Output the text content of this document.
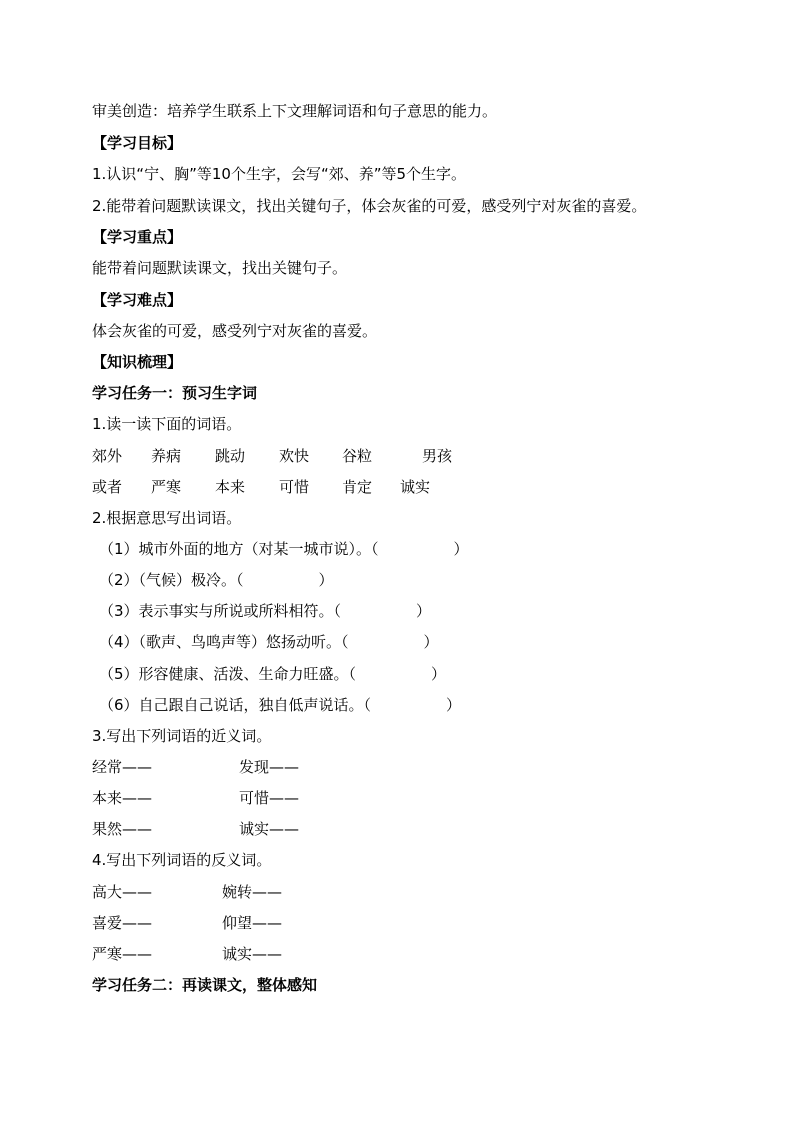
审美创造：培养学生联系上下文理解词语和句子意思的能力。
【学习目标】
1.认识“宁、胸”等10个生字，会写“郊、养”等5个生字。
2.能带着问题默读课文，找出关键句子，体会灰雀的可爱，感受列宁对灰雀的喜爱。
【学习重点】
能带着问题默读课文，找出关键句子。
【学习难点】
体会灰雀的可爱，感受列宁对灰雀的喜爱。
【知识梳理】
学习任务一：预习生字词
1.读一读下面的词语。
郊外 养病 跳动 欢快 谷粒	男孩
或者 严寒 本来 可惜 肯定 诚实
2.根据意思写出词语。
（1）城市外面的地方（对某一城市说）。（　　　　　）
（2）（气候）极冷。（　　　　　）
（3）表示事实与所说或所料相符。（　　　　　）
（4）（歌声、鸟鸣声等）悠扬动听。（　　　　　）
（5）形容健康、活泼、生命力旺盛。（　　　　　）
（6）自己跟自己说话，独自低声说话。（　　　　　）
3.写出下列词语的近义词。
经常——	发现——
本来——	可惜——
果然——	诚实——
4.写出下列词语的反义词。
高大——	婉转——
喜爱——	仰望——
严寒——	诚实——
学习任务二：再读课文，整体感知
